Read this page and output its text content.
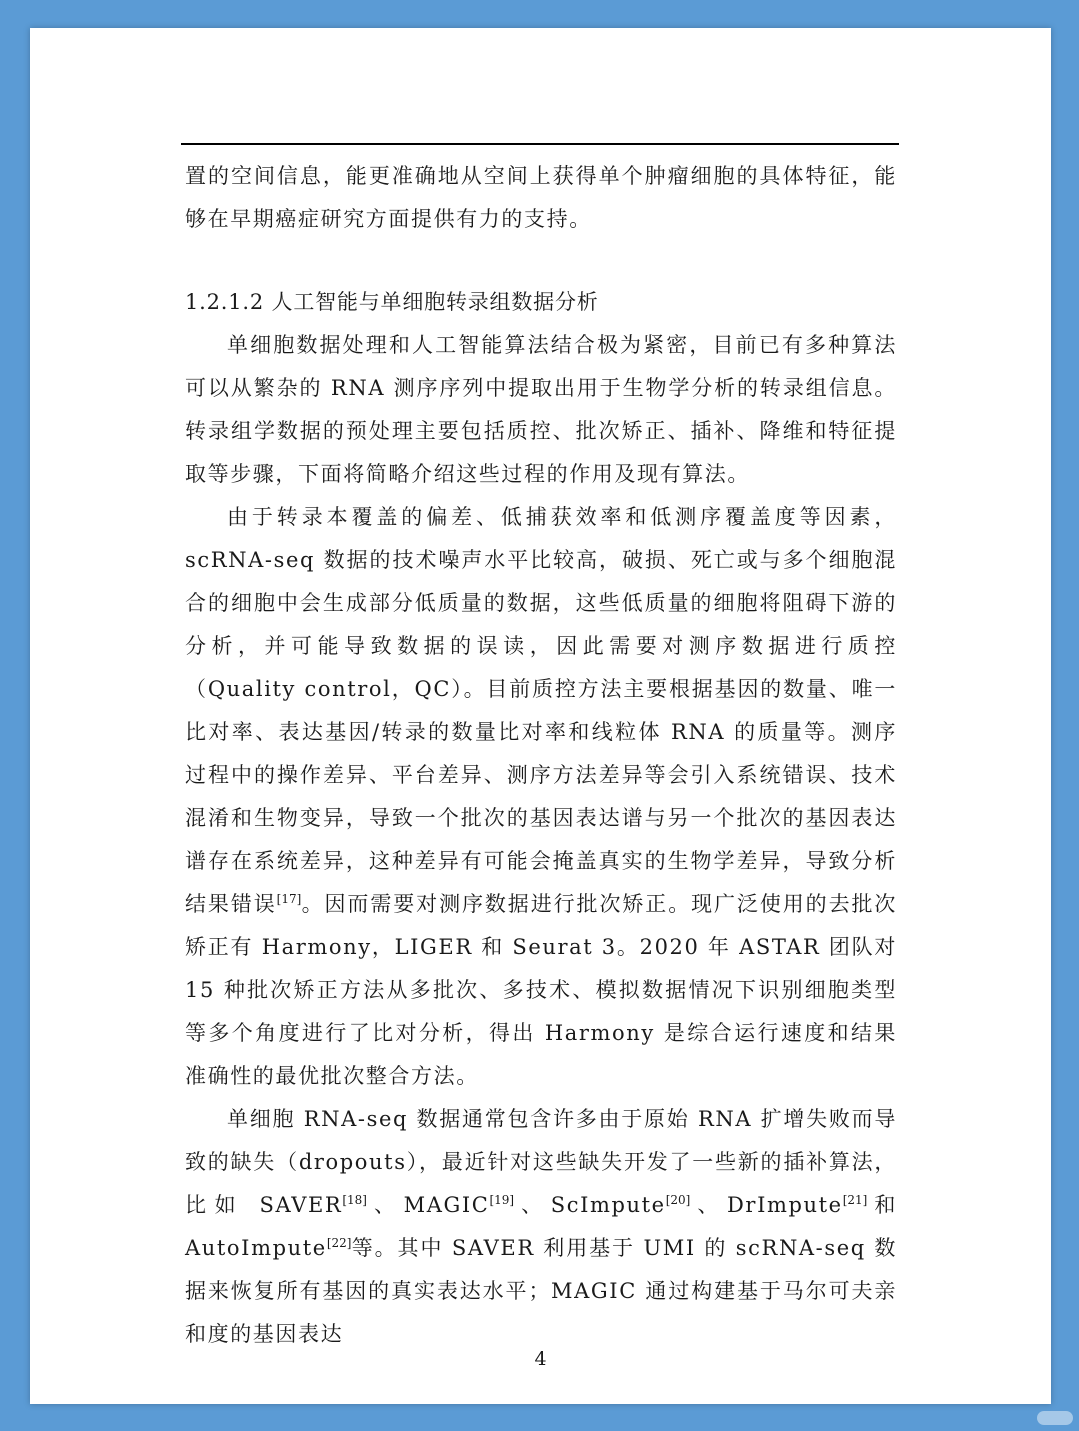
置的空间信息，能更准确地从空间上获得单个肿瘤细胞的具体特征，能够在早期癌症研究方面提供有力的支持。

1.2.1.2 人工智能与单细胞转录组数据分析

单细胞数据处理和人工智能算法结合极为紧密，目前已有多种算法可以从繁杂的 RNA 测序序列中提取出用于生物学分析的转录组信息。转录组学数据的预处理主要包括质控、批次矫正、插补、降维和特征提取等步骤，下面将简略介绍这些过程的作用及现有算法。

由于转录本覆盖的偏差、低捕获效率和低测序覆盖度等因素，scRNA-seq 数据的技术噪声水平比较高，破损、死亡或与多个细胞混合的细胞中会生成部分低质量的数据，这些低质量的细胞将阻碍下游的分析，并可能导致数据的误读，因此需要对测序数据进行质控（Quality control，QC）。目前质控方法主要根据基因的数量、唯一比对率、表达基因/转录的数量比对率和线粒体 RNA 的质量等。测序过程中的操作差异、平台差异、测序方法差异等会引入系统错误、技术混淆和生物变异，导致一个批次的基因表达谱与另一个批次的基因表达谱存在系统差异，这种差异有可能会掩盖真实的生物学差异，导致分析结果错误[17]。因而需要对测序数据进行批次矫正。现广泛使用的去批次矫正有 Harmony，LIGER 和 Seurat 3。2020 年 ASTAR 团队对 15 种批次矫正方法从多批次、多技术、模拟数据情况下识别细胞类型等多个角度进行了比对分析，得出 Harmony 是综合运行速度和结果准确性的最优批次整合方法。

单细胞 RNA-seq 数据通常包含许多由于原始 RNA 扩增失败而导致的缺失（dropouts），最近针对这些缺失开发了一些新的插补算法，比如 SAVER[18]、MAGIC[19]、ScImpute[20]、DrImpute[21]和 AutoImpute[22]等。其中 SAVER 利用基于 UMI 的 scRNA-seq 数据来恢复所有基因的真实表达水平；MAGIC 通过构建基于马尔可夫亲和度的基因表达

4
